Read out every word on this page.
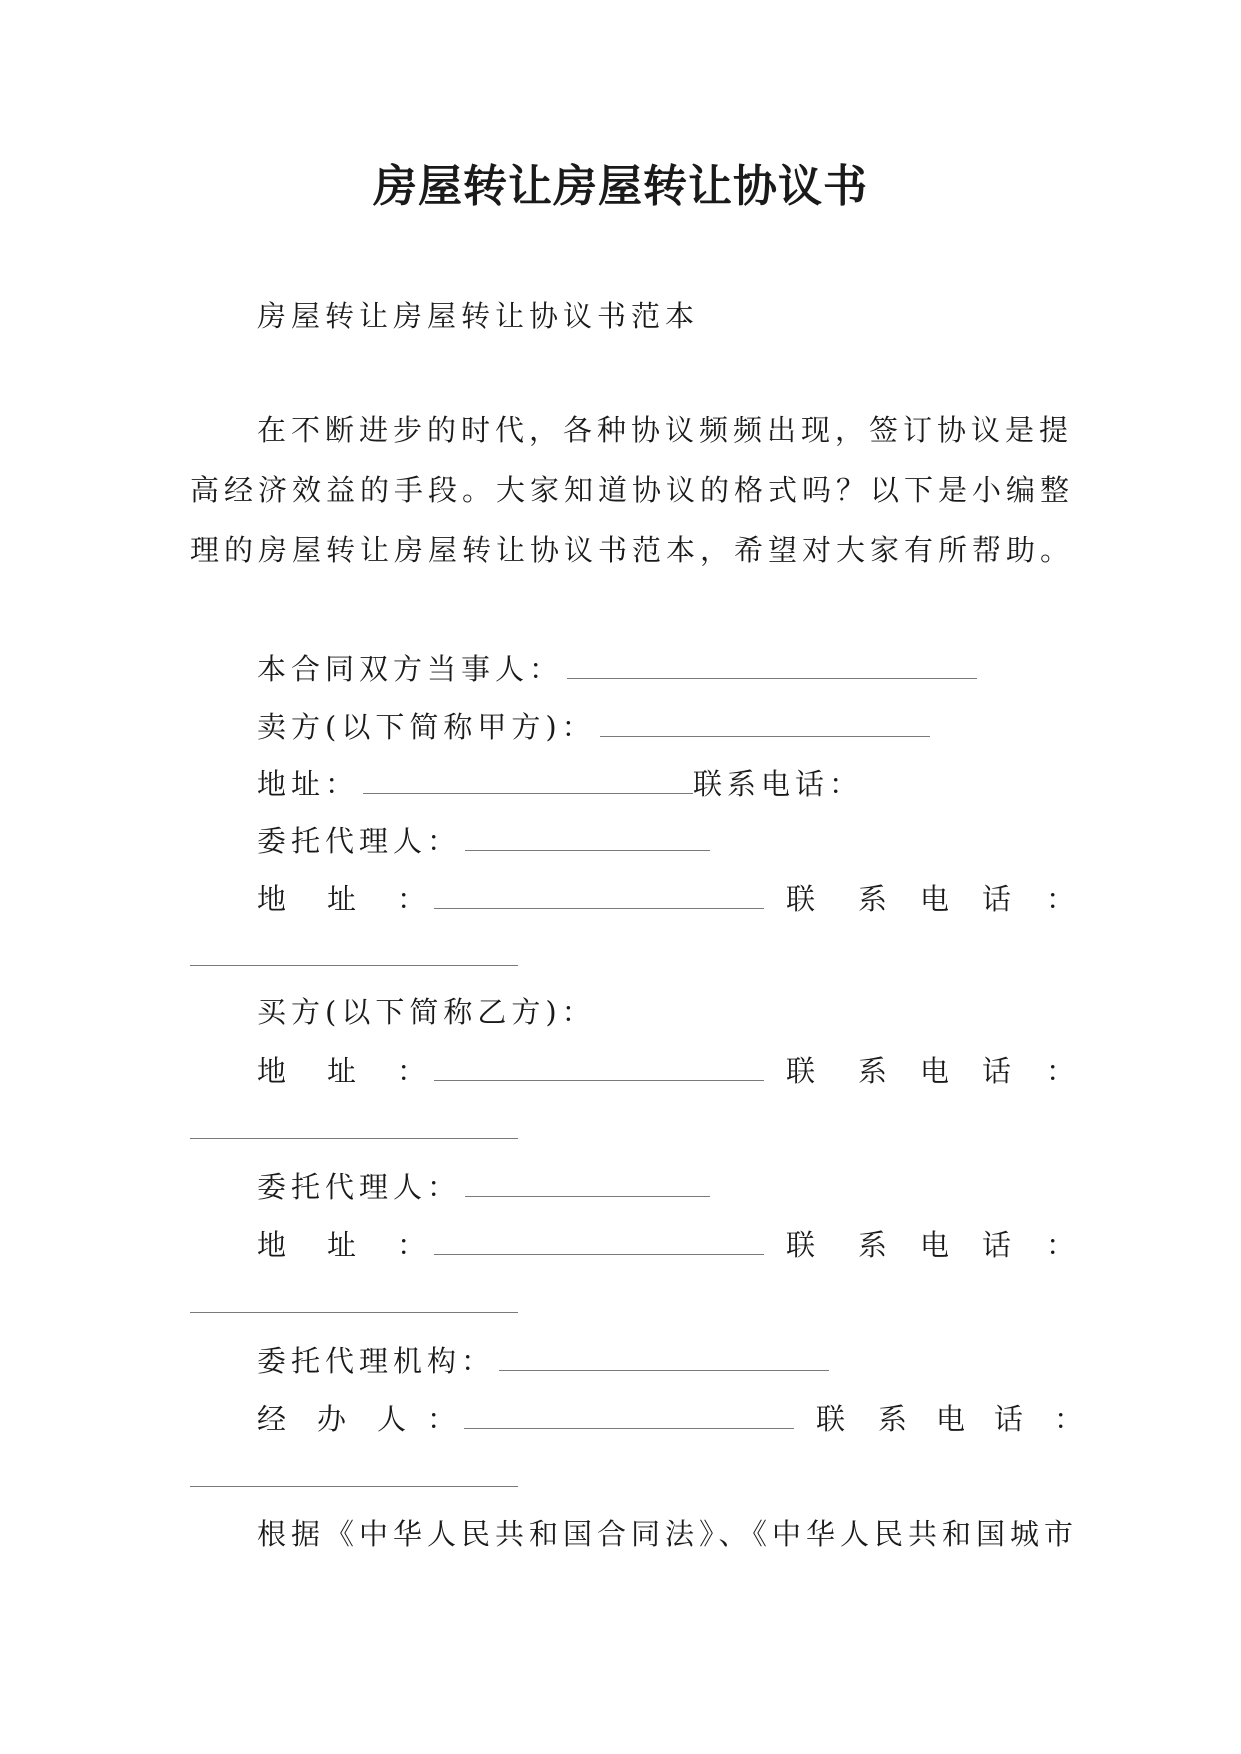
房屋转让房屋转让协议书
房屋转让房屋转让协议书范本
在不断进步的时代，各种协议频频出现，签订协议是提
高经济效益的手段。大家知道协议的格式吗？以下是小编整
理的房屋转让房屋转让协议书范本，希望对大家有所帮助。
本合同双方当事人：
卖方(以下简称甲方)：
地址：	联系电话：
委托代理人：
地 址 ：	联 系 电 话 ：
买方(以下简称乙方)：
地 址 ：	联 系 电 话 ：
委托代理人：
地 址 ：	联 系 电 话 ：
委托代理机构：
经 办 人 ：	联 系 电 话 ：
根据《中华人民共和国合同法》、《中华人民共和国城市
